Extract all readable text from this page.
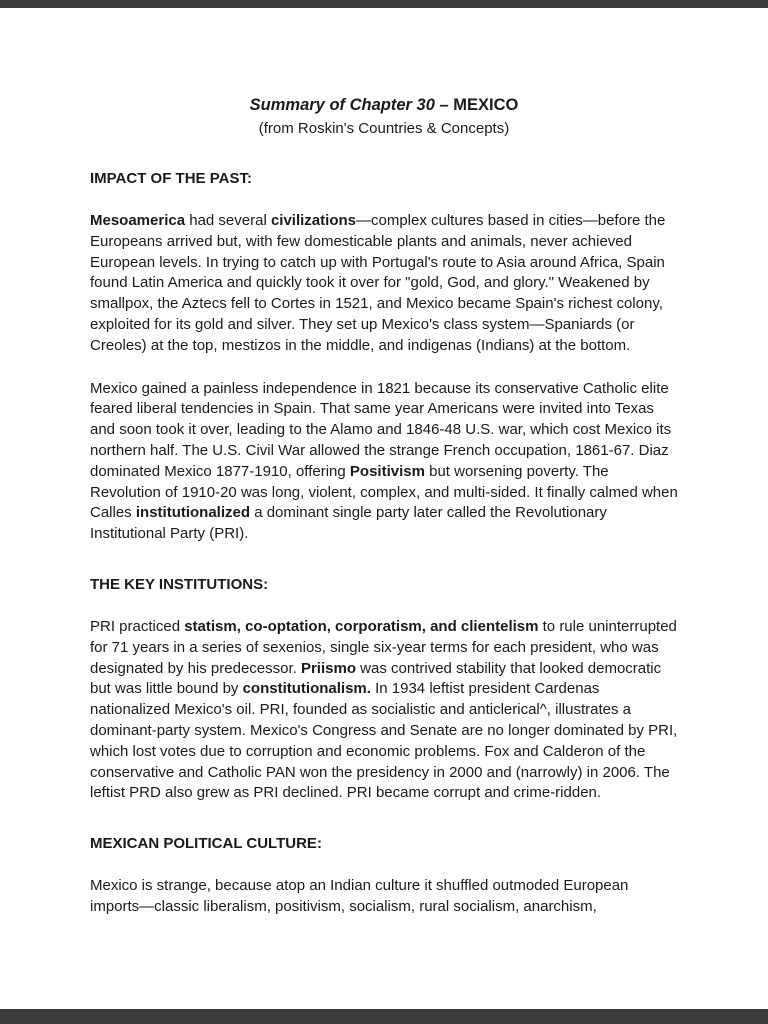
Summary of Chapter 30 – MEXICO
(from Roskin's Countries & Concepts)
IMPACT OF THE PAST:

Mesoamerica had several civilizations—complex cultures based in cities—before the Europeans arrived but, with few domesticable plants and animals, never achieved European levels. In trying to catch up with Portugal's route to Asia around Africa, Spain found Latin America and quickly took it over for "gold, God, and glory." Weakened by smallpox, the Aztecs fell to Cortes in 1521, and Mexico became Spain's richest colony, exploited for its gold and silver. They set up Mexico's class system—Spaniards (or Creoles) at the top, mestizos in the middle, and indigenas (Indians) at the bottom.

Mexico gained a painless independence in 1821 because its conservative Catholic elite feared liberal tendencies in Spain. That same year Americans were invited into Texas and soon took it over, leading to the Alamo and 1846-48 U.S. war, which cost Mexico its northern half. The U.S. Civil War allowed the strange French occupation, 1861-67. Diaz dominated Mexico 1877-1910, offering Positivism but worsening poverty. The Revolution of 1910-20 was long, violent, complex, and multi-sided. It finally calmed when Calles institutionalized a dominant single party later called the Revolutionary Institutional Party (PRI).

THE KEY INSTITUTIONS:

PRI practiced statism, co-optation, corporatism, and clientelism to rule uninterrupted for 71 years in a series of sexenios, single six-year terms for each president, who was designated by his predecessor. Priismo was contrived stability that looked democratic but was little bound by constitutionalism. In 1934 leftist president Cardenas nationalized Mexico's oil. PRI, founded as socialistic and anticlerical^, illustrates a dominant-party system. Mexico's Congress and Senate are no longer dominated by PRI, which lost votes due to corruption and economic problems. Fox and Calderon of the conservative and Catholic PAN won the presidency in 2000 and (narrowly) in 2006. The leftist PRD also grew as PRI declined. PRI became corrupt and crime-ridden.

MEXICAN POLITICAL CULTURE:

Mexico is strange, because atop an Indian culture it shuffled outmoded European imports—classic liberalism, positivism, socialism, rural socialism, anarchism,
